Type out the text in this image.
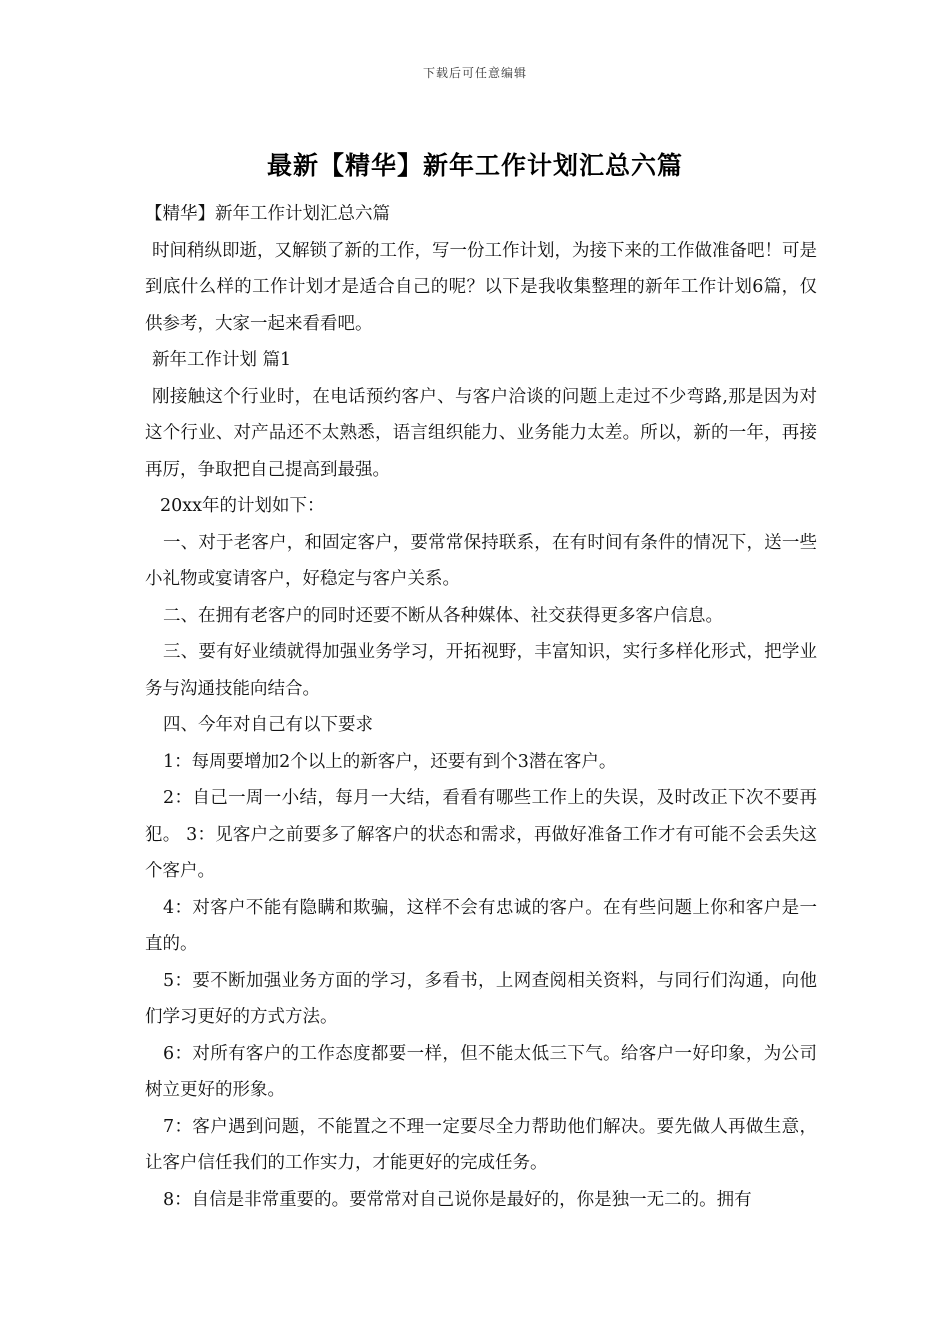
下载后可任意编辑
最新【精华】新年工作计划汇总六篇

【精华】新年工作计划汇总六篇

时间稍纵即逝，又解锁了新的工作，写一份工作计划，为接下来的工作做准备吧！可是到底什么样的工作计划才是适合自己的呢？以下是我收集整理的新年工作计划6篇，仅供参考，大家一起来看看吧。

新年工作计划 篇1

刚接触这个行业时，在电话预约客户、与客户洽谈的问题上走过不少弯路,那是因为对这个行业、对产品还不太熟悉，语言组织能力、业务能力太差。所以，新的一年，再接再厉，争取把自己提高到最强。

20xx年的计划如下：

一、对于老客户，和固定客户，要常常保持联系，在有时间有条件的情况下，送一些小礼物或宴请客户，好稳定与客户关系。

二、在拥有老客户的同时还要不断从各种媒体、社交获得更多客户信息。

三、要有好业绩就得加强业务学习，开拓视野，丰富知识，实行多样化形式，把学业务与沟通技能向结合。

四、今年对自己有以下要求

1：每周要增加2个以上的新客户，还要有到个3潜在客户。

2：自己一周一小结，每月一大结，看看有哪些工作上的失误，及时改正下次不要再犯。 3：见客户之前要多了解客户的状态和需求，再做好准备工作才有可能不会丢失这个客户。

4：对客户不能有隐瞒和欺骗，这样不会有忠诚的客户。在有些问题上你和客户是一直的。

5：要不断加强业务方面的学习，多看书，上网查阅相关资料，与同行们沟通，向他们学习更好的方式方法。

6：对所有客户的工作态度都要一样，但不能太低三下气。给客户一好印象，为公司树立更好的形象。

7：客户遇到问题，不能置之不理一定要尽全力帮助他们解决。要先做人再做生意，让客户信任我们的工作实力，才能更好的完成任务。

8：自信是非常重要的。要常常对自己说你是最好的，你是独一无二的。拥有
